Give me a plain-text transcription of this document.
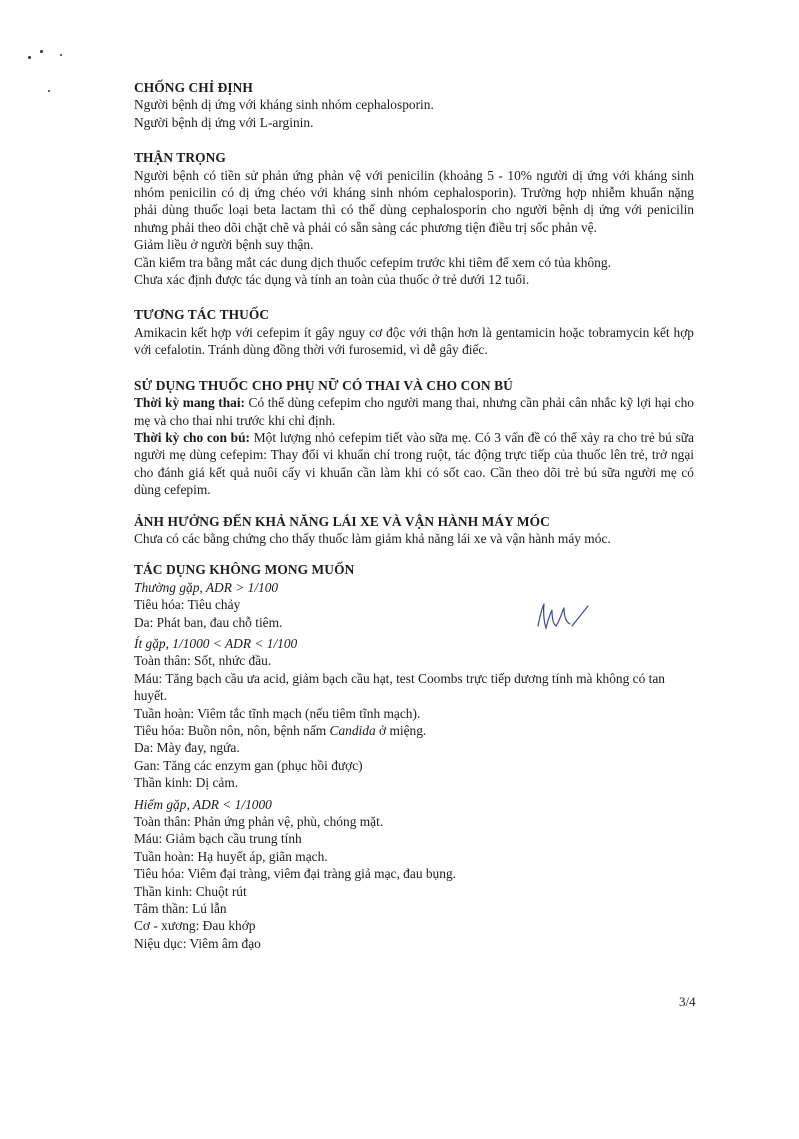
CHỐNG CHỈ ĐỊNH

Người bệnh dị ứng với kháng sinh nhóm cephalosporin.

Người bệnh dị ứng với L-arginin.

THẬN TRỌNG

Người bệnh có tiền sử phản ứng phản vệ với penicilin (khoảng 5 - 10% người dị ứng với kháng sinh nhóm penicilin có dị ứng chéo với kháng sinh nhóm cephalosporin). Trường hợp nhiễm khuẩn nặng phải dùng thuốc loại beta lactam thì có thể dùng cephalosporin cho người bệnh dị ứng với penicilin nhưng phải theo dõi chặt chẽ và phải có sẵn sàng các phương tiện điều trị sốc phản vệ.

Giảm liều ở người bệnh suy thận.

Cần kiểm tra bằng mắt các dung dịch thuốc cefepim trước khi tiêm để xem có tủa không.

Chưa xác định được tác dụng và tính an toàn của thuốc ở trẻ dưới 12 tuổi.

TƯƠNG TÁC THUỐC

Amikacin kết hợp với cefepim ít gây nguy cơ độc với thận hơn là gentamicin hoặc tobramycin kết hợp với cefalotin. Tránh dùng đồng thời với furosemid, vì dễ gây điếc.

SỬ DỤNG THUỐC CHO PHỤ NỮ CÓ THAI VÀ CHO CON BÚ

Thời kỳ mang thai: Có thể dùng cefepim cho người mang thai, nhưng cần phải cân nhắc kỹ lợi hại cho mẹ và cho thai nhi trước khi chỉ định.

Thời kỳ cho con bú: Một lượng nhỏ cefepim tiết vào sữa mẹ. Có 3 vấn đề có thể xảy ra cho trẻ bú sữa người mẹ dùng cefepim: Thay đổi vi khuẩn chí trong ruột, tác động trực tiếp của thuốc lên trẻ, trở ngại cho đánh giá kết quả nuôi cấy vi khuẩn cần làm khi có sốt cao. Cần theo dõi trẻ bú sữa người mẹ có dùng cefepim.

ẢNH HƯỞNG ĐẾN KHẢ NĂNG LÁI XE VÀ VẬN HÀNH MÁY MÓC

Chưa có các bằng chứng cho thấy thuốc làm giảm khả năng lái xe và vận hành máy móc.

TÁC DỤNG KHÔNG MONG MUỐN

Thường gặp, ADR > 1/100

Tiêu hóa: Tiêu chảy

Da: Phát ban, đau chỗ tiêm.

Ít gặp, 1/1000 < ADR < 1/100

Toàn thân: Sốt, nhức đầu.

Máu: Tăng bạch cầu ưa acid, giảm bạch cầu hạt, test Coombs trực tiếp dương tính mà không có tan huyết.

Tuần hoàn: Viêm tắc tĩnh mạch (nếu tiêm tĩnh mạch).

Tiêu hóa: Buồn nôn, nôn, bệnh nấm Candida ở miệng.

Da: Mày đay, ngứa.

Gan: Tăng các enzym gan (phục hồi được)

Thần kinh: Dị cảm.

Hiếm gặp, ADR < 1/1000

Toàn thân: Phản ứng phản vệ, phù, chóng mặt.

Máu: Giảm bạch cầu trung tính

Tuần hoàn: Hạ huyết áp, giãn mạch.

Tiêu hóa: Viêm đại tràng, viêm đại tràng giả mạc, đau bụng.

Thần kinh: Chuột rút

Tâm thần: Lú lẫn

Cơ - xương: Đau khớp

Niệu dục: Viêm âm đạo

3/4
